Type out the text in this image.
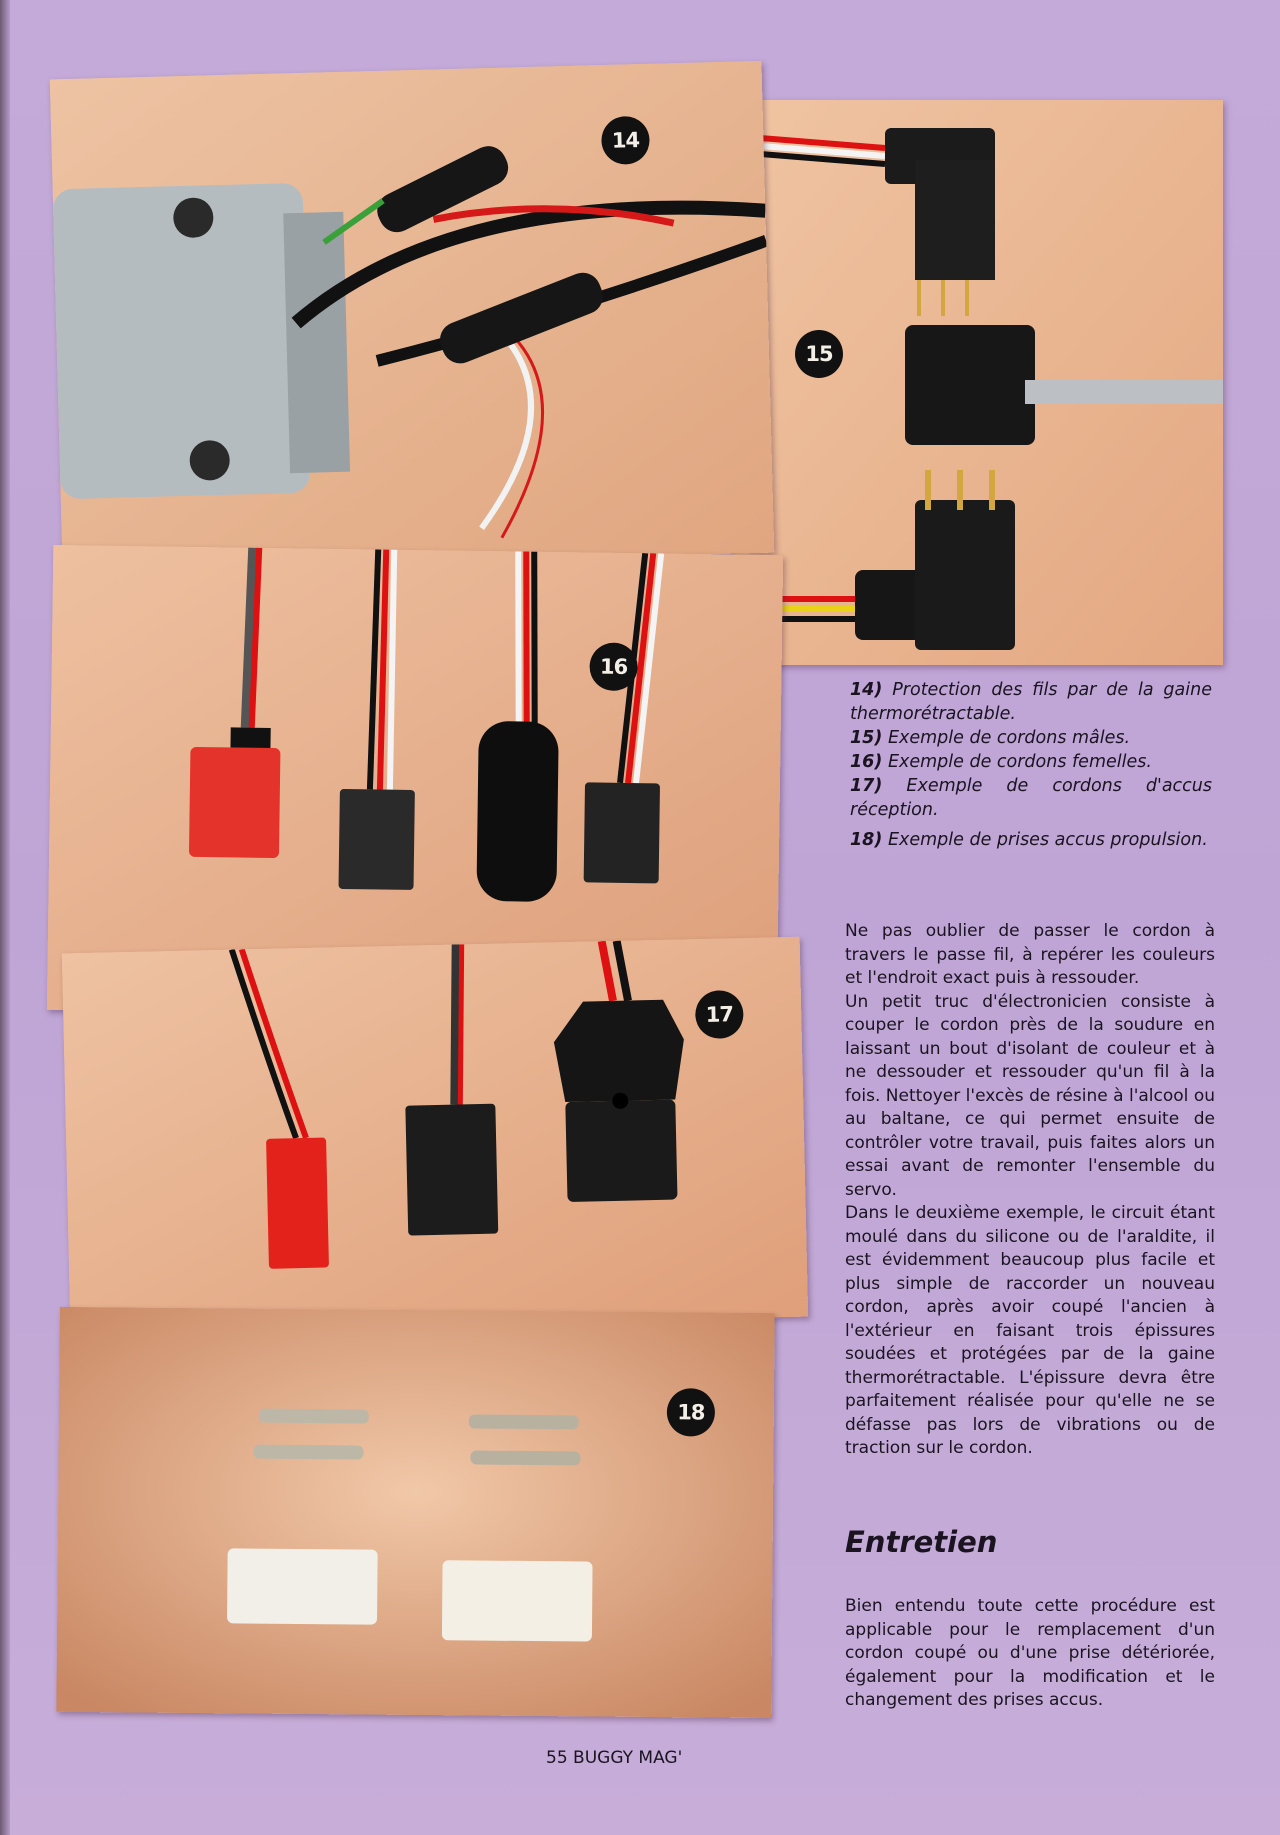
15
14
16
17
18

14) Protection des fils par de la gaine thermorétractable.

15) Exemple de cordons mâles.

16) Exemple de cordons femelles.

17) Exemple de cordons d'accus réception.

18) Exemple de prises accus propulsion.

Ne pas oublier de passer le cordon à travers le passe fil, à repérer les couleurs et l'endroit exact puis à ressouder.

Un petit truc d'électronicien consiste à couper le cordon près de la soudure en laissant un bout d'isolant de couleur et à ne dessouder et ressouder qu'un fil à la fois. Nettoyer l'excès de résine à l'alcool ou au baltane, ce qui permet ensuite de contrôler votre travail, puis faites alors un essai avant de remonter l'ensemble du servo.

Dans le deuxième exemple, le circuit étant moulé dans du silicone ou de l'araldite, il est évidemment beaucoup plus facile et plus simple de raccorder un nouveau cordon, après avoir coupé l'ancien à l'extérieur en faisant trois épissures soudées et protégées par de la gaine thermorétractable. L'épissure devra être parfaitement réalisée pour qu'elle ne se défasse pas lors de vibrations ou de traction sur le cordon.

Entretien

Bien entendu toute cette procédure est applicable pour le remplacement d'un cordon coupé ou d'une prise détériorée, également pour la modification et le changement des prises accus.

55 BUGGY MAG'
